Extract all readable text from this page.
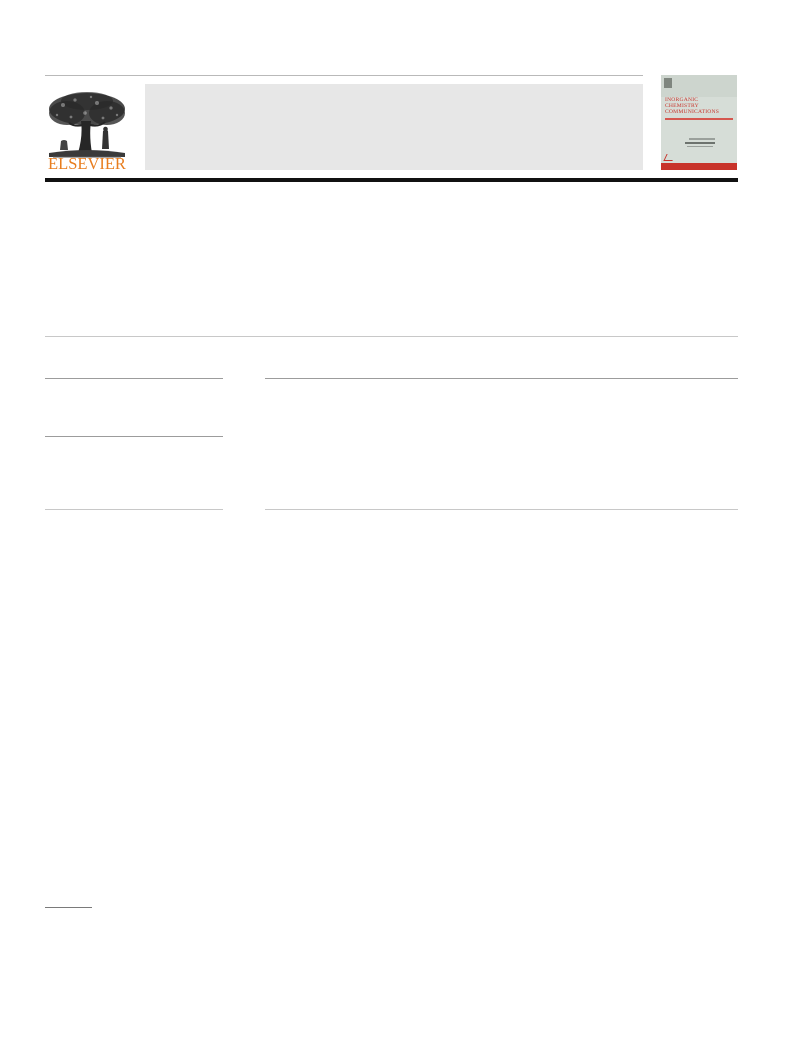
ELSEVIER
INORGANIC
CHEMISTRY
COMMUNICATIONS
